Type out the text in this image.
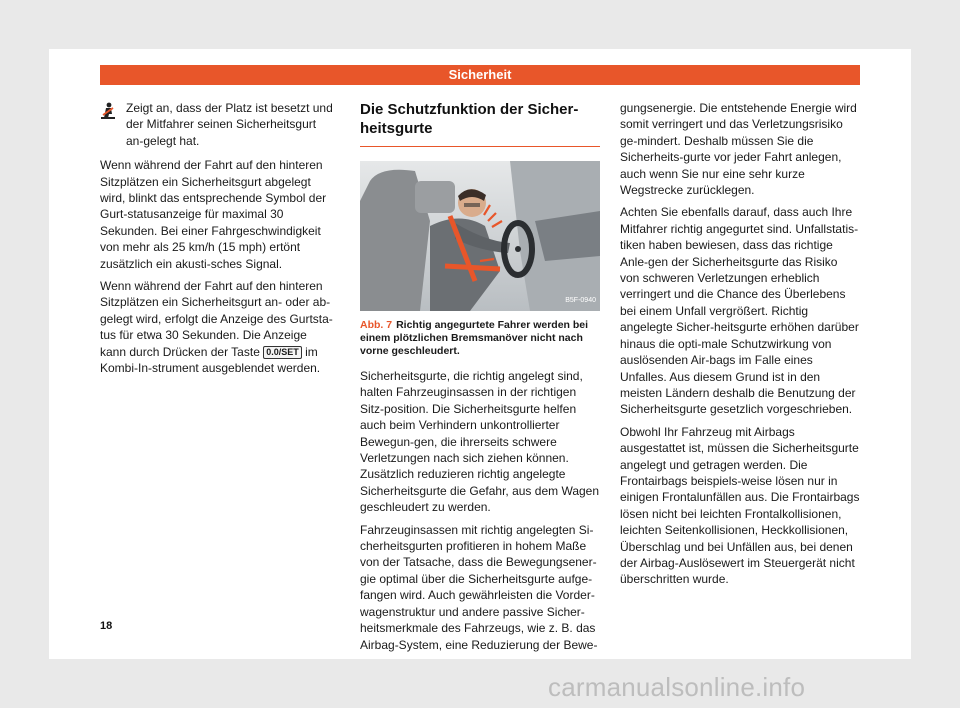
Sicherheit
Zeigt an, dass der Platz ist besetzt und der Mitfahrer seinen Sicherheitsgurt an-gelegt hat.

Wenn während der Fahrt auf den hinteren Sitzplätzen ein Sicherheitsgurt abgelegt wird, blinkt das entsprechende Symbol der Gurt-statusanzeige für maximal 30 Sekunden. Bei einer Fahrgeschwindigkeit von mehr als 25 km/h (15 mph) ertönt zusätzlich ein akusti-sches Signal.

Wenn während der Fahrt auf den hinteren Sitzplätzen ein Sicherheitsgurt an- oder ab-gelegt wird, erfolgt die Anzeige des Gurtsta-tus für etwa 30 Sekunden. Die Anzeige kann durch Drücken der Taste 0.0/SET im Kombi-In-strument ausgeblendet werden.

Die Schutzfunktion der Sicher-heitsgurte
B5F-0940
Abb. 7 Richtig angegurtete Fahrer werden bei einem plötzlichen Bremsmanöver nicht nach vorne geschleudert.

Sicherheitsgurte, die richtig angelegt sind, halten Fahrzeuginsassen in der richtigen Sitz-position. Die Sicherheitsgurte helfen auch beim Verhindern unkontrollierter Bewegun-gen, die ihrerseits schwere Verletzungen nach sich ziehen können. Zusätzlich reduzieren richtig angelegte Sicherheitsgurte die Gefahr, aus dem Wagen geschleudert zu werden.

Fahrzeuginsassen mit richtig angelegten Si-cherheitsgurten profitieren in hohem Maße von der Tatsache, dass die Bewegungsener-gie optimal über die Sicherheitsgurte aufge-fangen wird. Auch gewährleisten die Vorder-wagenstruktur und andere passive Sicher-heitsmerkmale des Fahrzeugs, wie z. B. das Airbag-System, eine Reduzierung der Bewe-

gungsenergie. Die entstehende Energie wird somit verringert und das Verletzungsrisiko ge-mindert. Deshalb müssen Sie die Sicherheits-gurte vor jeder Fahrt anlegen, auch wenn Sie nur eine sehr kurze Wegstrecke zurücklegen.

Achten Sie ebenfalls darauf, dass auch Ihre Mitfahrer richtig angegurtet sind. Unfallstatis-tiken haben bewiesen, dass das richtige Anle-gen der Sicherheitsgurte das Risiko von schweren Verletzungen erheblich verringert und die Chance des Überlebens bei einem Unfall vergrößert. Richtig angelegte Sicher-heitsgurte erhöhen darüber hinaus die opti-male Schutzwirkung von auslösenden Air-bags im Falle eines Unfalles. Aus diesem Grund ist in den meisten Ländern deshalb die Benutzung der Sicherheitsgurte gesetzlich vorgeschrieben.

Obwohl Ihr Fahrzeug mit Airbags ausgestattet ist, müssen die Sicherheitsgurte angelegt und getragen werden. Die Frontairbags beispiels-weise lösen nur in einigen Frontalunfällen aus. Die Frontairbags lösen nicht bei leichten Frontalkollisionen, leichten Seitenkollisionen, Heckkollisionen, Überschlag und bei Unfällen aus, bei denen der Airbag-Auslösewert im Steuergerät nicht überschritten wurde.

18
carmanualsonline.info
